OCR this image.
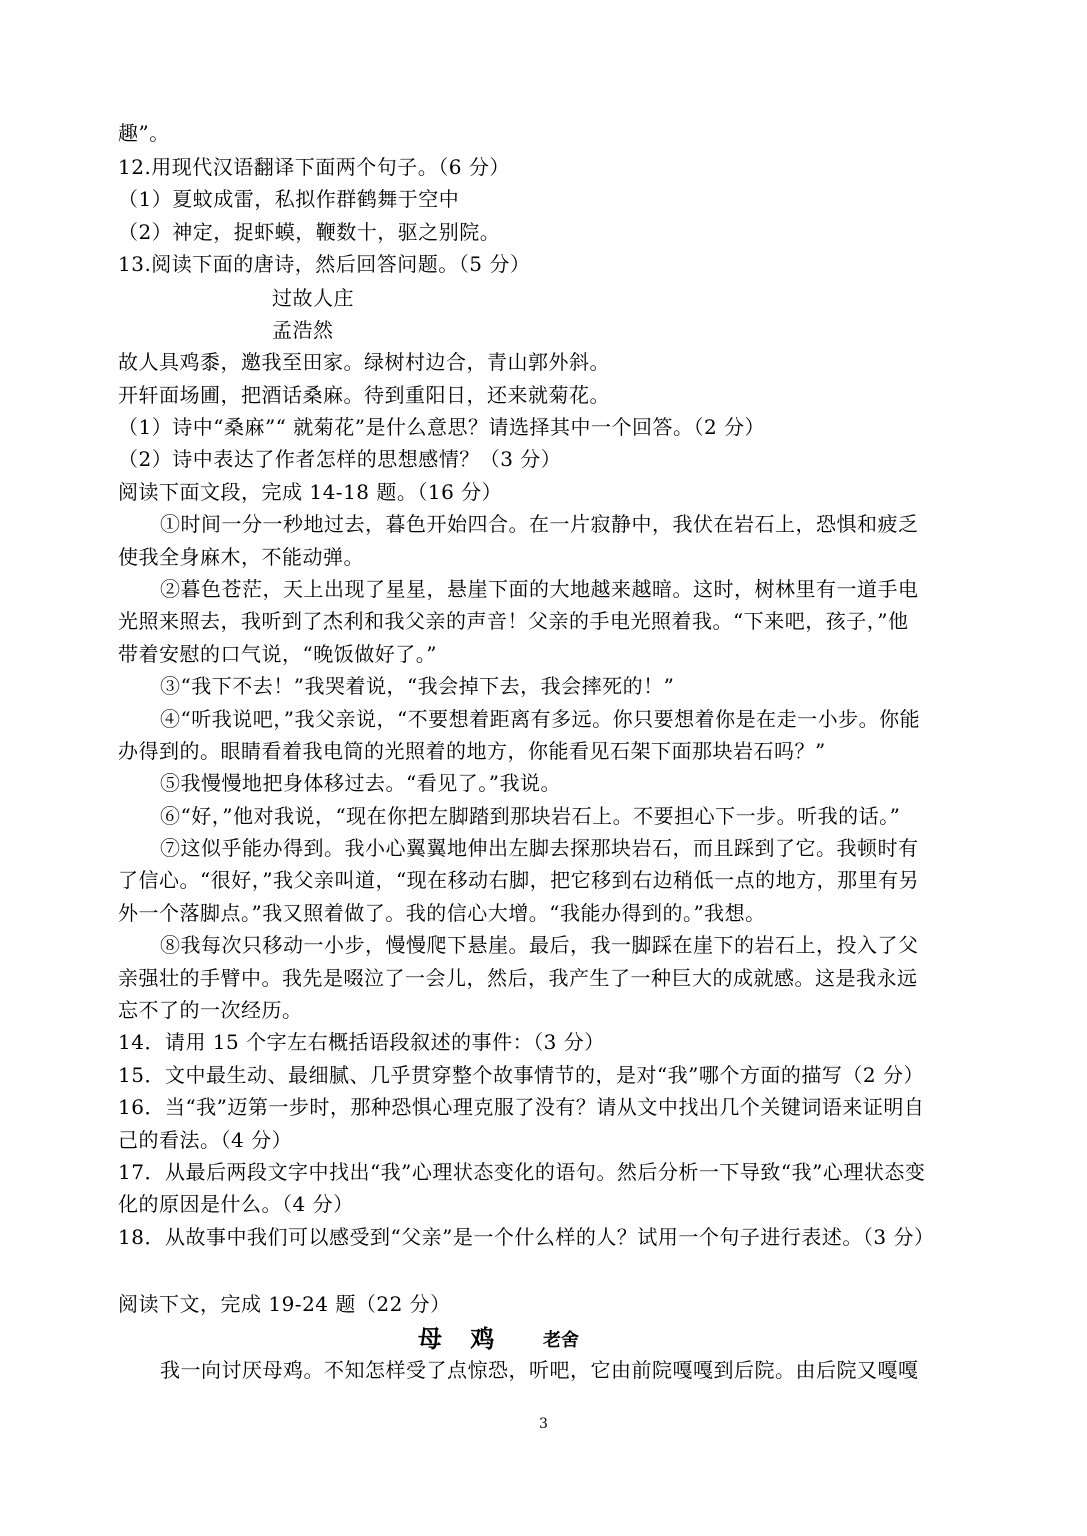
趣”。
12.用现代汉语翻译下面两个句子。（6 分）
（1）夏蚊成雷，私拟作群鹤舞于空中
（2）神定，捉虾蟆，鞭数十，驱之别院。
13.阅读下面的唐诗，然后回答问题。（5 分）
过故人庄
孟浩然
故人具鸡黍，邀我至田家。绿树村边合，青山郭外斜。
开轩面场圃，把酒话桑麻。待到重阳日，还来就菊花。
（1）诗中“桑麻”“ 就菊花”是什么意思？请选择其中一个回答。（2 分）
（2）诗中表达了作者怎样的思想感情？（3 分）
阅读下面文段，完成 14-18 题。（16 分）
①时间一分一秒地过去，暮色开始四合。在一片寂静中，我伏在岩石上，恐惧和疲乏
使我全身麻木，不能动弹。
②暮色苍茫，天上出现了星星，悬崖下面的大地越来越暗。这时，树林里有一道手电
光照来照去，我听到了杰利和我父亲的声音！父亲的手电光照着我。“下来吧，孩子，”他
带着安慰的口气说，“晚饭做好了。”
③“我下不去！”我哭着说，“我会掉下去，我会摔死的！”
④“听我说吧，”我父亲说，“不要想着距离有多远。你只要想着你是在走一小步。你能
办得到的。眼睛看着我电筒的光照着的地方，你能看见石架下面那块岩石吗？”
⑤我慢慢地把身体移过去。“看见了。”我说。
⑥“好，”他对我说，“现在你把左脚踏到那块岩石上。不要担心下一步。听我的话。”
⑦这似乎能办得到。我小心翼翼地伸出左脚去探那块岩石，而且踩到了它。我顿时有
了信心。“很好，”我父亲叫道，“现在移动右脚，把它移到右边稍低一点的地方，那里有另
外一个落脚点。”我又照着做了。我的信心大增。“我能办得到的。”我想。
⑧我每次只移动一小步，慢慢爬下悬崖。最后，我一脚踩在崖下的岩石上，投入了父
亲强壮的手臂中。我先是啜泣了一会儿，然后，我产生了一种巨大的成就感。这是我永远
忘不了的一次经历。
14．请用 15 个字左右概括语段叙述的事件：（3 分）
15．文中最生动、最细腻、几乎贯穿整个故事情节的，是对“我”哪个方面的描写（2 分）
16．当“我”迈第一步时，那种恐惧心理克服了没有？请从文中找出几个关键词语来证明自
己的看法。（4 分）
17．从最后两段文字中找出“我”心理状态变化的语句。然后分析一下导致“我”心理状态变
化的原因是什么。（4 分）
18．从故事中我们可以感受到“父亲”是一个什么样的人？试用一个句子进行表述。（3 分）
阅读下文，完成 19-24 题（22 分）
母 鸡 老舍
我一向讨厌母鸡。不知怎样受了点惊恐，听吧，它由前院嘎嘎到后院。由后院又嘎嘎
3
